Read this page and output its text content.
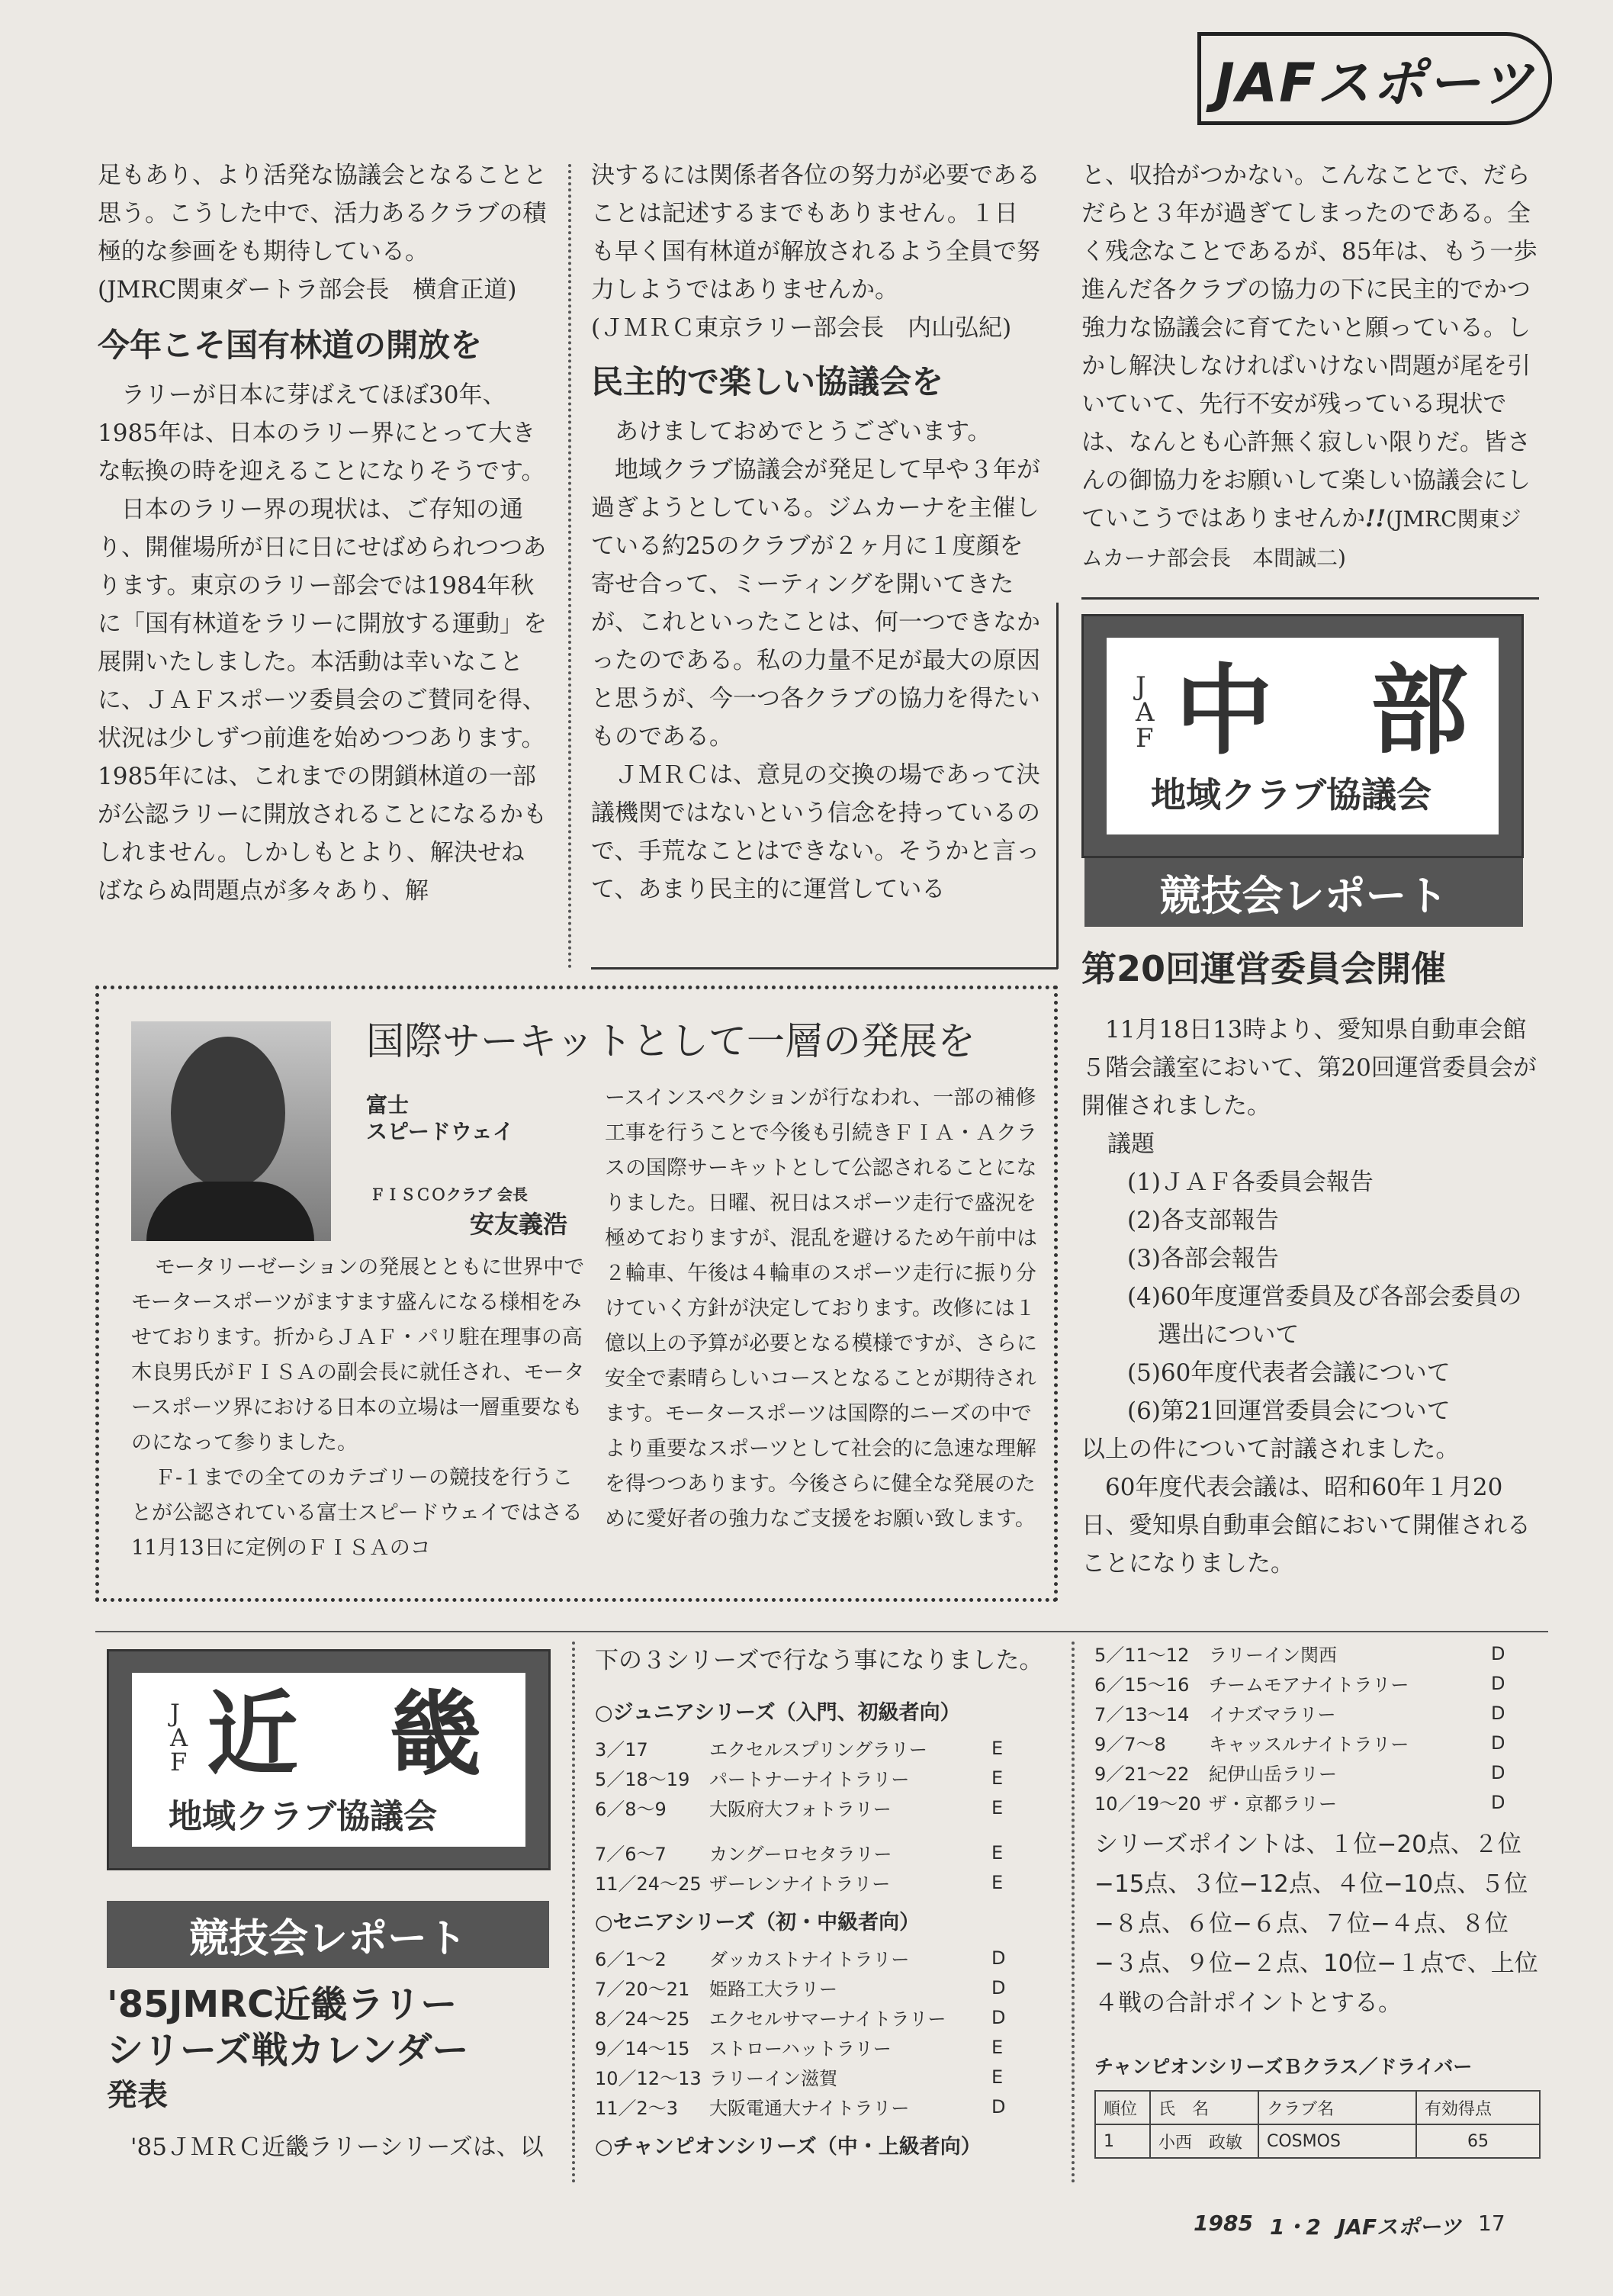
JAFスポーツ

足もあり、より活発な協議会となることと思う。こうした中で、活力あるクラブの積極的な参画をも期待している。

(JMRC関東ダートラ部会長　横倉正道)

今年こそ国有林道の開放を

ラリーが日本に芽ばえてほぼ30年、1985年は、日本のラリー界にとって大きな転換の時を迎えることになりそうです。

日本のラリー界の現状は、ご存知の通り、開催場所が日に日にせばめられつつあります。東京のラリー部会では1984年秋に「国有林道をラリーに開放する運動」を展開いたしました。本活動は幸いなことに、ＪＡＦスポーツ委員会のご賛同を得、状況は少しずつ前進を始めつつあります。1985年には、これまでの閉鎖林道の一部が公認ラリーに開放されることになるかもしれません。しかしもとより、解決せねばならぬ問題点が多々あり、解

決するには関係者各位の努力が必要であることは記述するまでもありません。１日も早く国有林道が解放されるよう全員で努力しようではありませんか。

(ＪＭＲＣ東京ラリー部会長　内山弘紀)

民主的で楽しい協議会を

あけましておめでとうございます。

地域クラブ協議会が発足して早や３年が過ぎようとしている。ジムカーナを主催している約25のクラブが２ヶ月に１度顔を寄せ合って、ミーティングを開いてきたが、これといったことは、何一つできなかったのである。私の力量不足が最大の原因と思うが、今一つ各クラブの協力を得たいものである。

ＪＭＲＣは、意見の交換の場であって決議機関ではないという信念を持っているので、手荒なことはできない。そうかと言って、あまり民主的に運営している

と、収拾がつかない。こんなことで、だらだらと３年が過ぎてしまったのである。全く残念なことであるが、85年は、もう一歩進んだ各クラブの協力の下に民主的でかつ強力な協議会に育てたいと願っている。しかし解決しなければいけない問題が尾を引いていて、先行不安が残っている現状では、なんとも心許無く寂しい限りだ。皆さんの御協力をお願いして楽しい協議会にしていこうではありませんか!!(JMRC関東ジムカーナ部会長　本間誠二)

J A F 中　部
地域クラブ協議会
競技会レポート
第20回運営委員会開催

11月18日13時より、愛知県自動車会館５階会議室において、第20回運営委員会が開催されました。

議題

(1)ＪＡＦ各委員会報告

(2)各支部報告

(3)各部会報告

(4)60年度運営委員及び各部会委員の

選出について

(5)60年度代表者会議について

(6)第21回運営委員会について

以上の件について討議されました。

60年度代表会議は、昭和60年１月20日、愛知県自動車会館において開催されることになりました。

国際サーキットとして一層の発展を
富士
スピードウェイ
ＦＩＳＣＯクラブ 会長
安友義浩

モータリーゼーションの発展とともに世界中でモータースポーツがますます盛んになる様相をみせております。折からＪＡＦ・パリ駐在理事の高木良男氏がＦＩＳＡの副会長に就任され、モータースポーツ界における日本の立場は一層重要なものになって参りました。

Ｆ-１までの全てのカテゴリーの競技を行うことが公認されている富士スピードウェイではさる11月13日に定例のＦＩＳＡのコ

ースインスペクションが行なわれ、一部の補修工事を行うことで今後も引続きＦＩＡ・Ａクラスの国際サーキットとして公認されることになりました。日曜、祝日はスポーツ走行で盛況を極めておりますが、混乱を避けるため午前中は２輪車、午後は４輪車のスポーツ走行に振り分けていく方針が決定しております。改修には１億以上の予算が必要となる模様ですが、さらに安全で素晴らしいコースとなることが期待されます。モータースポーツは国際的ニーズの中でより重要なスポーツとして社会的に急速な理解を得つつあります。今後さらに健全な発展のために愛好者の強力なご支援をお願い致します。

J A F 近　畿
地域クラブ協議会
競技会レポート
'85JMRC近畿ラリー
シリーズ戦カレンダー
発表

'85ＪＭＲＣ近畿ラリーシリーズは、以

下の３シリーズで行なう事になりました。

○ジュニアシリーズ（入門、初級者向）
3／17	エクセルスプリングラリー	E
5／18～19	パートナーナイトラリー	E
6／8～9	大阪府大フォトラリー	E
7／6～7	カングーロセタラリー	E
11／24～25 ザーレンナイトラリー	E
○セニアシリーズ（初・中級者向）
6／1～2	ダッカストナイトラリー	D
7／20～21	姫路工大ラリー	D
8／24～25	エクセルサマーナイトラリー	D
9／14～15	ストローハットラリー	E
10／12～13 ラリーイン滋賀	E
11／2～3	大阪電通大ナイトラリー	D
○チャンピオンシリーズ（中・上級者向）
5／11～12	ラリーイン関西	D
6／15～16	チームモアナイトラリー	D
7／13～14	イナズマラリー	D
9／7～8	キャッスルナイトラリー	D
9／21～22	紀伊山岳ラリー	D
10／19～20 ザ・京都ラリー	D

シリーズポイントは、１位−20点、２位−15点、３位−12点、４位−10点、５位−８点、６位−６点、７位−４点、８位−３点、９位−２点、10位−１点で、上位４戦の合計ポイントとする。

チャンピオンシリーズＢクラス／ドライバー
順位	氏　名	クラブ名	有効得点
1	小西　政敏	COSMOS	65
1985 1・2 JAFスポーツ 17
